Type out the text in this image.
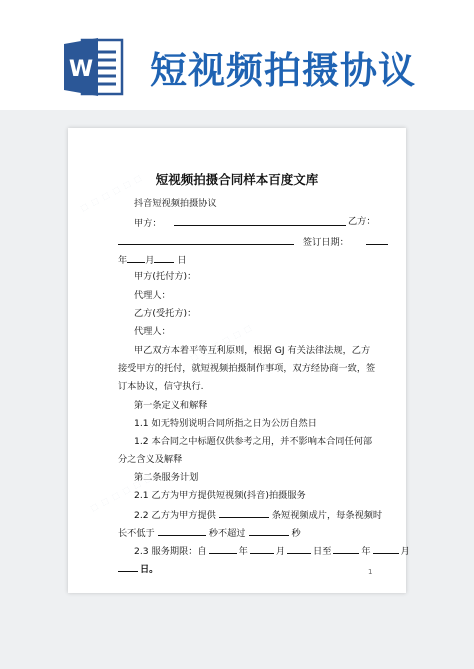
W 短视频拍摄协议
⬚ ⬚ ⬚ ⬚ ⬚ ⬚
⬚ ⬚ ⬚ ⬚ ⬚ ⬚
⬚ ⬚ ⬚ ⬚ ⬚ ⬚
短视频拍摄合同样本百度文库
抖音短视频拍摄协议
甲方：	乙方：
签订日期：
年 月	日
甲方(托付方)：
代理人：
乙方(受托方)：
代理人：
甲乙双方本着平等互利原则，根据 GJ 有关法律法规，乙方
接受甲方的托付，就短视频拍摄制作事项，双方经协商一致，签
订本协议，信守执行.
第一条定义和解释
1.1 如无特别说明合同所指之日为公历自然日
1.2 本合同之中标题仅供参考之用，并不影响本合同任何部
分之含义及解释
第二条服务计划
2.1 乙方为甲方提供短视频(抖音)拍摄服务
2.2 乙方为甲方提供	条短视频成片，每条视频时
长不低于	秒不超过	秒
2.3 服务期限：自	年	月	日至	年	月
日。	1
